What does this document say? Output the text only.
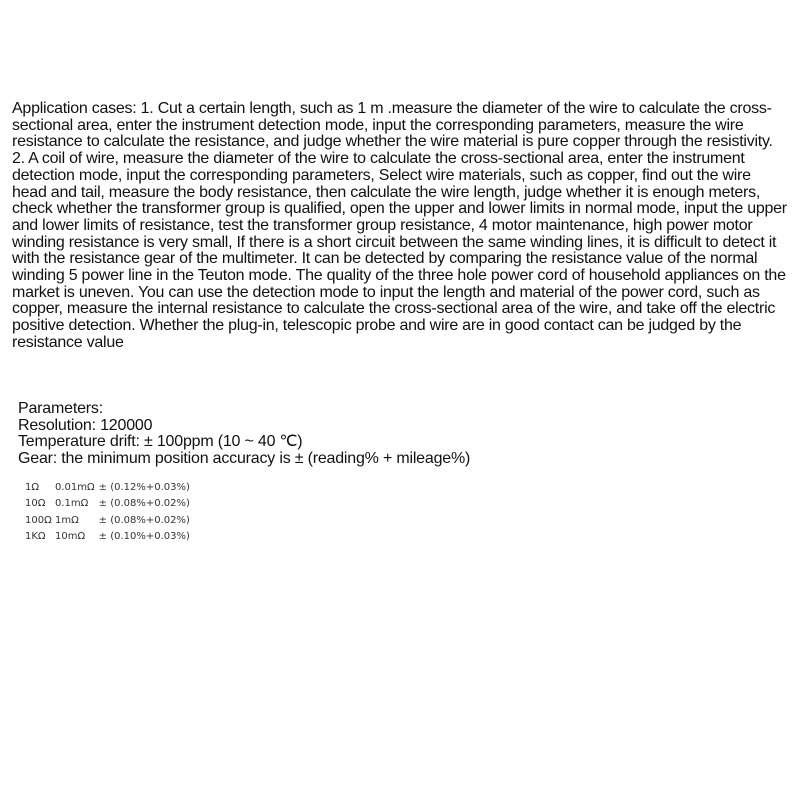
Application cases: 1. Cut a certain length, such as 1 m .measure the diameter of the wire to calculate the cross-sectional area, enter the instrument detection mode, input the corresponding parameters, measure the wire resistance to calculate the resistance, and judge whether the wire material is pure copper through the resistivity. 2. A coil of wire, measure the diameter of the wire to calculate the cross-sectional area, enter the instrument detection mode, input the corresponding parameters, Select wire materials, such as copper, find out the wire head and tail, measure the body resistance, then calculate the wire length, judge whether it is enough meters, check whether the transformer group is qualified, open the upper and lower limits in normal mode, input the upper and lower limits of resistance, test the transformer group resistance, 4 motor maintenance, high power motor winding resistance is very small, If there is a short circuit between the same winding lines, it is difficult to detect it with the resistance gear of the multimeter. It can be detected by comparing the resistance value of the normal winding 5 power line in the Teuton mode. The quality of the three hole power cord of household appliances on the market is uneven. You can use the detection mode to input the length and material of the power cord, such as copper, measure the internal resistance to calculate the cross-sectional area of the wire, and take off the electric positive detection. Whether the plug-in, telescopic probe and wire are in good contact can be judged by the resistance value

Parameters:
Resolution: 120000
Temperature drift: ± 100ppm (10 ~ 40 ℃)
Gear: the minimum position accuracy is ± (reading% + mileage%)
1Ω	0.01mΩ	± (0.12%+0.03%)
10Ω	0.1mΩ	± (0.08%+0.02%)
100Ω	1mΩ	± (0.08%+0.02%)
1KΩ	10mΩ	± (0.10%+0.03%)
